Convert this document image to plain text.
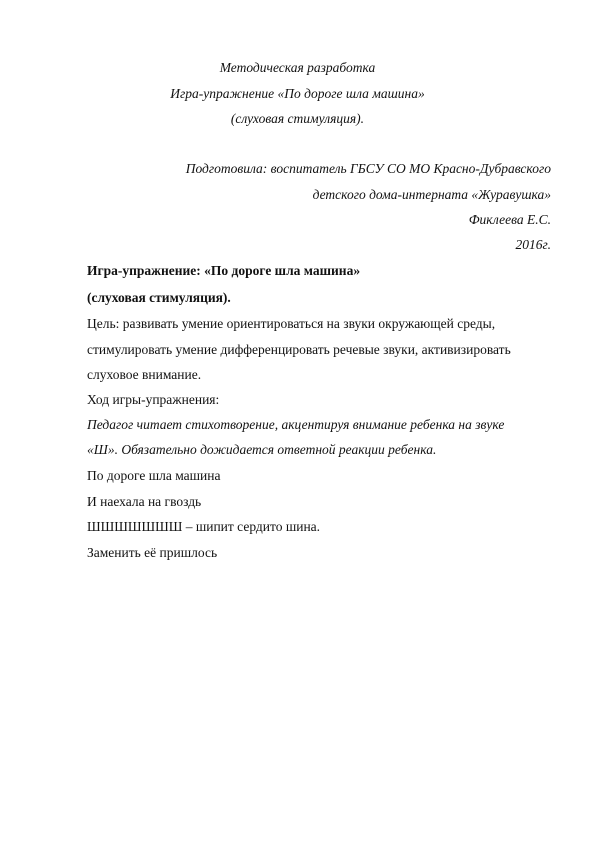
Методическая разработка
Игра-упражнение «По дороге шла машина»
(слуховая стимуляция).
Подготовила: воспитатель ГБСУ СО МО Красно-Дубравского
детского дома-интерната «Журавушка»
Фиклеева Е.С.
2016г.
Игра-упражнение: «По дороге шла машина»
(слуховая стимуляция).
Цель: развивать умение ориентироваться на звуки окружающей среды,
стимулировать умение дифференцировать речевые звуки, активизировать
слуховое внимание.
Ход игры-упражнения:
Педагог читает стихотворение, акцентируя внимание ребенка на звуке
«Ш». Обязательно дожидается ответной реакции ребенка.
По дороге шла машина
И наехала на гвоздь
ШШШШШШШ – шипит сердито шина.
Заменить её пришлось
